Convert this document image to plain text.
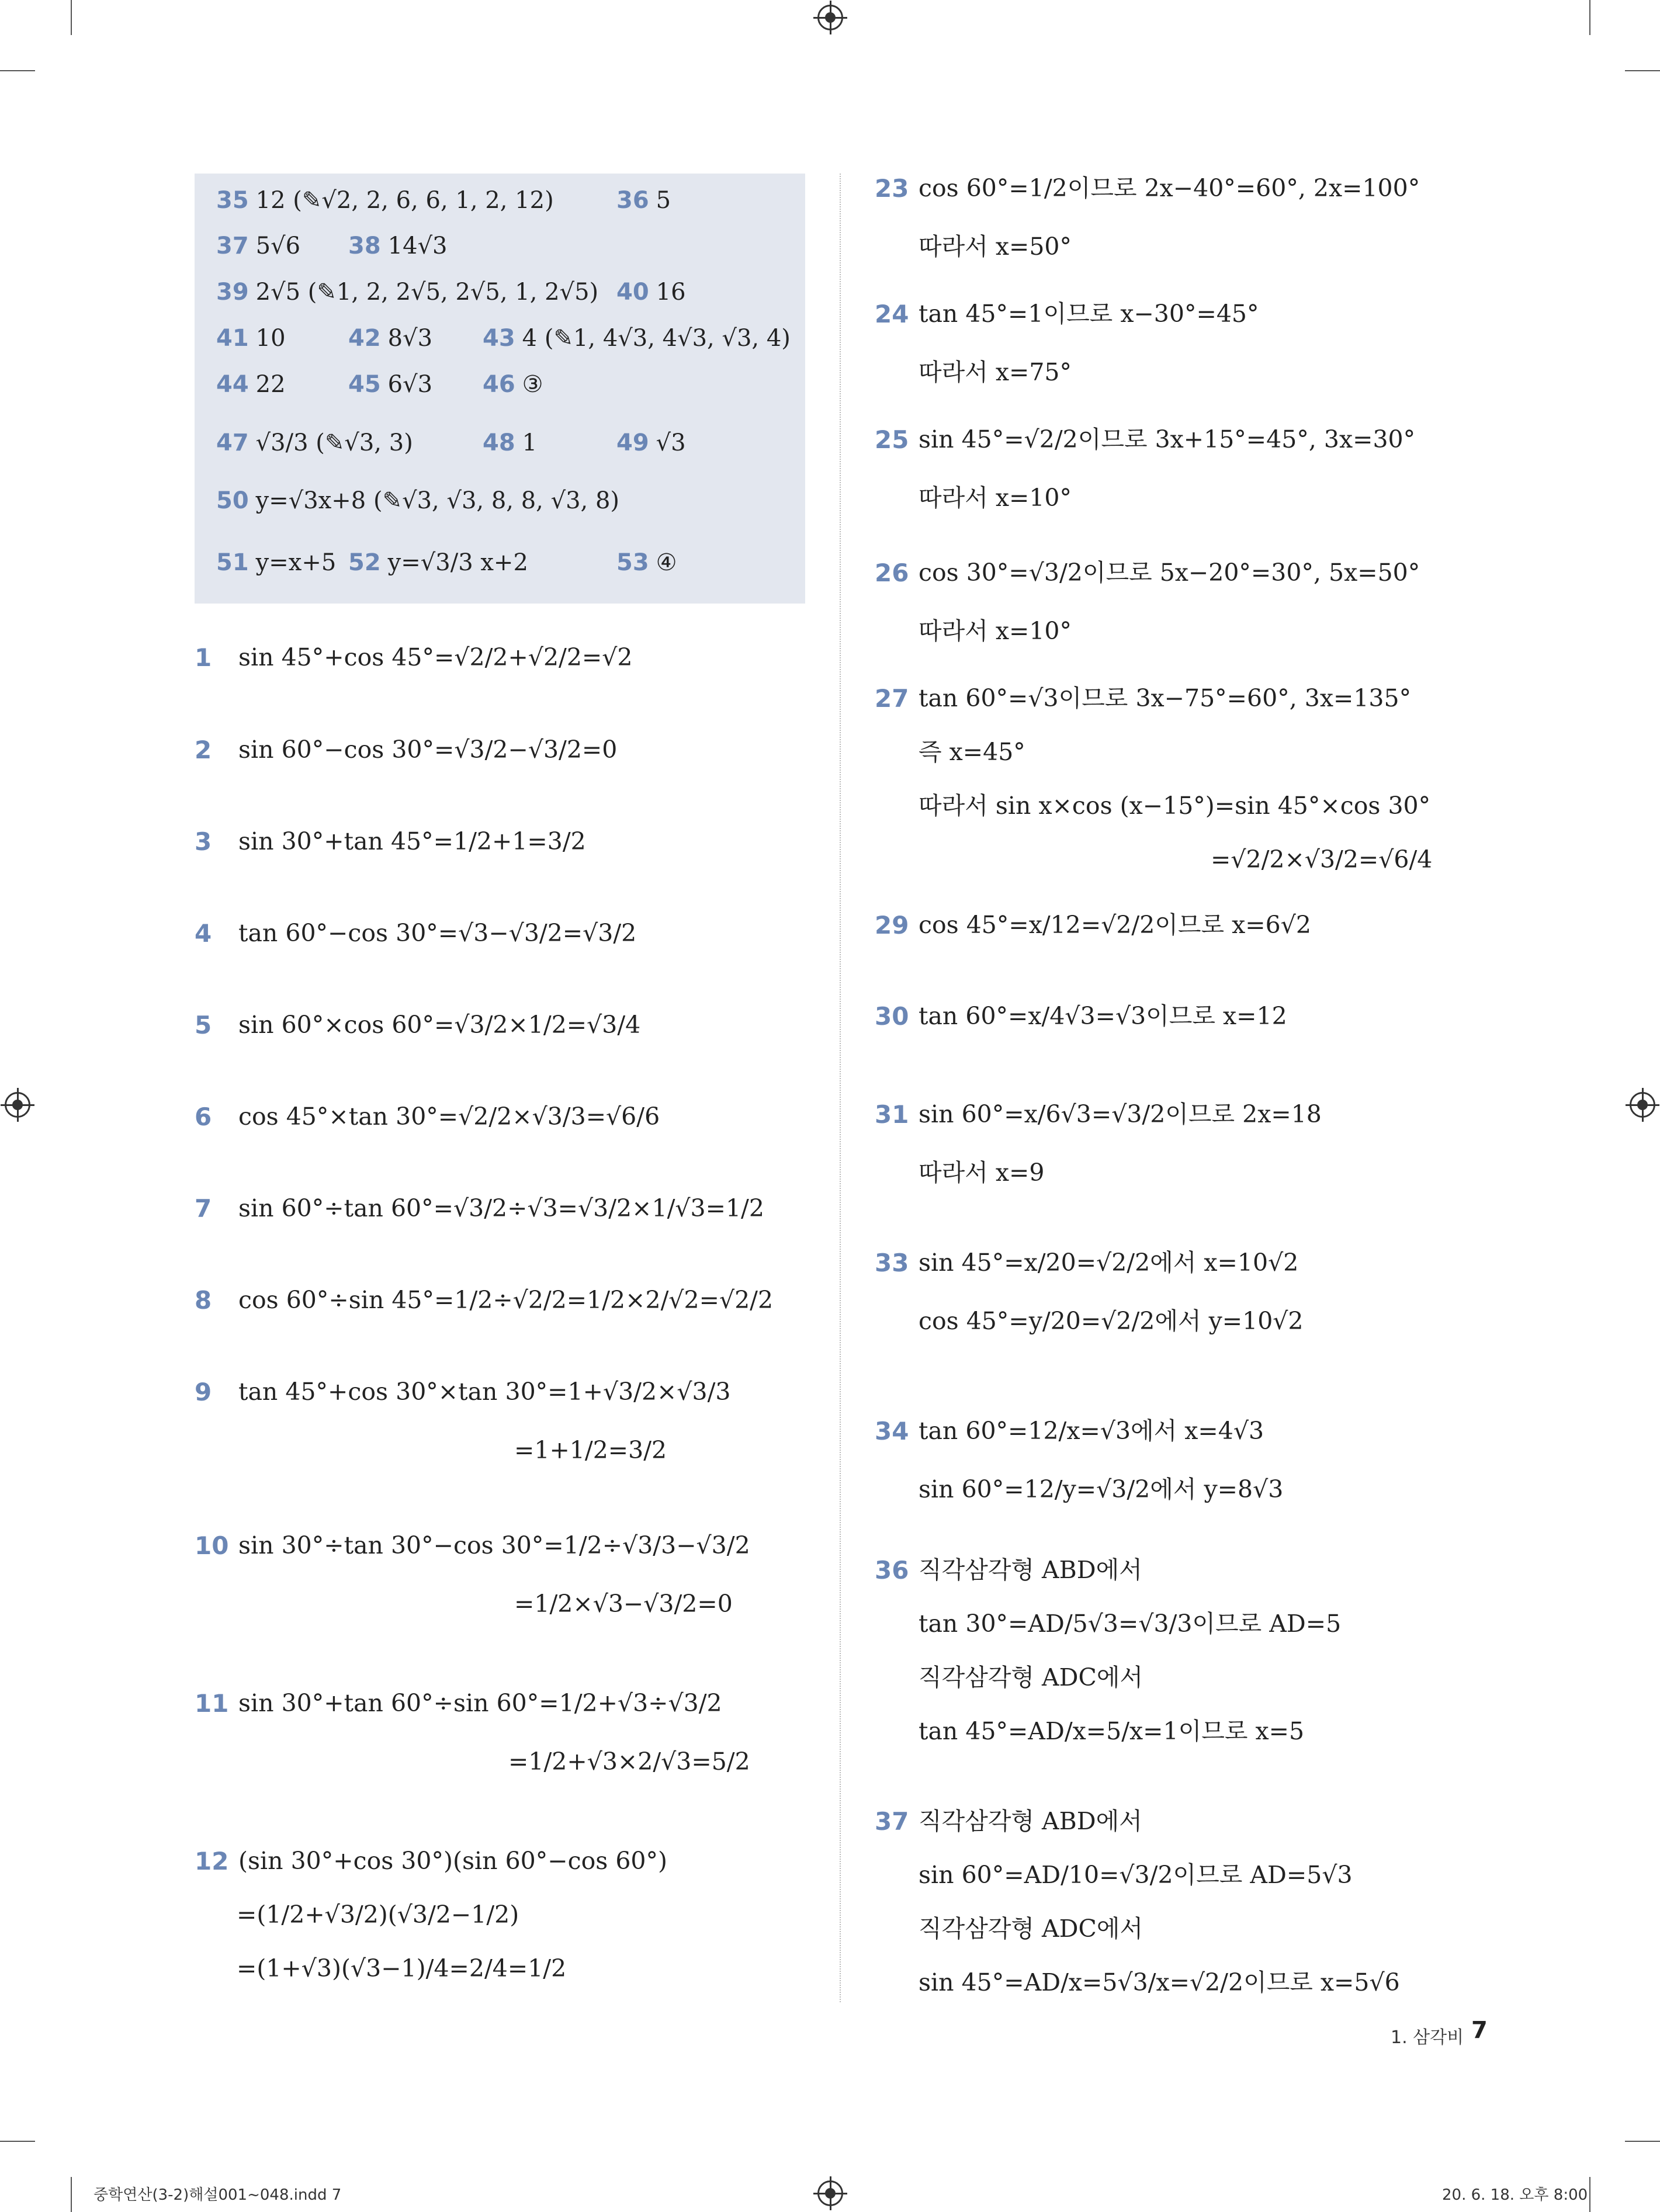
35 12 (✎√2, 2, 6, 6, 1, 2, 12)	36 5
37 5√6 38 14√3
39 2√5 (✎1, 2, 2√5, 2√5, 1, 2√5) 40 16
41 10	42 8√3 43 4 (✎1, 4√3, 4√3, √3, 4)
44 22	45 6√3 46 ③
47 √3/3 (✎√3, 3)	48 1	49 √3
50 y=√3x+8 (✎√3, √3, 8, 8, √3, 8)
51 y=x+5 52 y=√3/3 x+2	53 ④
1 sin 45°+cos 45°=√2/2+√2/2=√2
2 sin 60°−cos 30°=√3/2−√3/2=0
3 sin 30°+tan 45°=1/2+1=3/2
4 tan 60°−cos 30°=√3−√3/2=√3/2
5 sin 60°×cos 60°=√3/2×1/2=√3/4
6 cos 45°×tan 30°=√2/2×√3/3=√6/6
7 sin 60°÷tan 60°=√3/2÷√3=√3/2×1/√3=1/2
8 cos 60°÷sin 45°=1/2÷√2/2=1/2×2/√2=√2/2
9 tan 45°+cos 30°×tan 30°=1+√3/2×√3/3
=1+1/2=3/2
10 sin 30°÷tan 30°−cos 30°=1/2÷√3/3−√3/2
=1/2×√3−√3/2=0
11 sin 30°+tan 60°÷sin 60°=1/2+√3÷√3/2
=1/2+√3×2/√3=5/2
12 (sin 30°+cos 30°)(sin 60°−cos 60°)
=(1/2+√3/2)(√3/2−1/2)
=(1+√3)(√3−1)/4=2/4=1/2
23 cos 60°=1/2이므로 2x−40°=60°, 2x=100°
따라서 x=50°
24 tan 45°=1이므로 x−30°=45°
따라서 x=75°
25 sin 45°=√2/2이므로 3x+15°=45°, 3x=30°
따라서 x=10°
26 cos 30°=√3/2이므로 5x−20°=30°, 5x=50°
따라서 x=10°
27 tan 60°=√3이므로 3x−75°=60°, 3x=135°
즉 x=45°
따라서 sin x×cos (x−15°)=sin 45°×cos 30°
=√2/2×√3/2=√6/4
29 cos 45°=x/12=√2/2이므로 x=6√2
30 tan 60°=x/4√3=√3이므로 x=12
31 sin 60°=x/6√3=√3/2이므로 2x=18
따라서 x=9
33 sin 45°=x/20=√2/2에서 x=10√2
cos 45°=y/20=√2/2에서 y=10√2
34 tan 60°=12/x=√3에서 x=4√3
sin 60°=12/y=√3/2에서 y=8√3
36 직각삼각형 ABD에서
tan 30°=AD/5√3=√3/3이므로 AD=5
직각삼각형 ADC에서
tan 45°=AD/x=5/x=1이므로 x=5
37 직각삼각형 ABD에서
sin 60°=AD/10=√3/2이므로 AD=5√3
직각삼각형 ADC에서
sin 45°=AD/x=5√3/x=√2/2이므로 x=5√6
1. 삼각비 7
중학연산(3-2)해설001~048.indd 7	20. 6. 18. 오후 8:00
